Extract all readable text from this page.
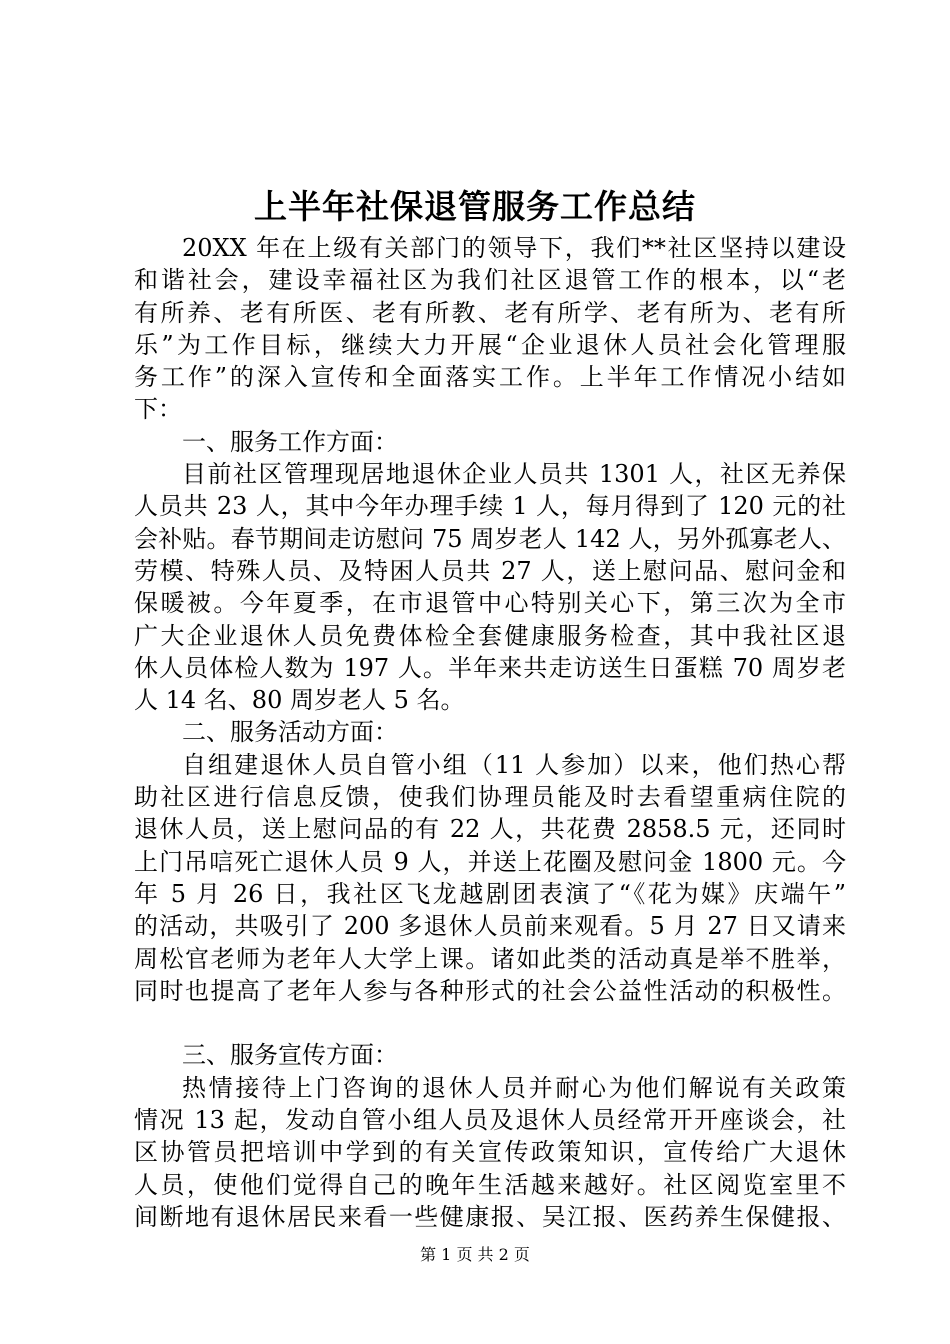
上半年社保退管服务工作总结
20XX 年在上级有关部门的领导下，我们**社区坚持以建设
和谐社会，建设幸福社区为我们社区退管工作的根本，以“老
有所养、老有所医、老有所教、老有所学、老有所为、老有所
乐”为工作目标，继续大力开展“企业退休人员社会化管理服
务工作”的深入宣传和全面落实工作。上半年工作情况小结如
下：
一、服务工作方面：
目前社区管理现居地退休企业人员共 1301 人，社区无养保
人员共 23 人，其中今年办理手续 1 人，每月得到了 120 元的社
会补贴。春节期间走访慰问 75 周岁老人 142 人，另外孤寡老人、
劳模、特殊人员、及特困人员共 27 人，送上慰问品、慰问金和
保暖被。今年夏季，在市退管中心特别关心下，第三次为全市
广大企业退休人员免费体检全套健康服务检查，其中我社区退
休人员体检人数为 197 人。半年来共走访送生日蛋糕 70 周岁老
人 14 名、80 周岁老人 5 名。
二、服务活动方面：
自组建退休人员自管小组（11 人参加）以来，他们热心帮
助社区进行信息反馈，使我们协理员能及时去看望重病住院的
退休人员，送上慰问品的有 22 人，共花费 2858.5 元，还同时
上门吊唁死亡退休人员 9 人，并送上花圈及慰问金 1800 元。今
年 5 月 26 日，我社区飞龙越剧团表演了“《花为媒》庆端午”
的活动，共吸引了 200 多退休人员前来观看。5 月 27 日又请来
周松官老师为老年人大学上课。诸如此类的活动真是举不胜举，
同时也提高了老年人参与各种形式的社会公益性活动的积极性。
三、服务宣传方面：
热情接待上门咨询的退休人员并耐心为他们解说有关政策
情况 13 起，发动自管小组人员及退休人员经常开开座谈会，社
区协管员把培训中学到的有关宣传政策知识，宣传给广大退休
人员，使他们觉得自己的晚年生活越来越好。社区阅览室里不
间断地有退休居民来看一些健康报、吴江报、医药养生保健报、
第 1 页 共 2 页
